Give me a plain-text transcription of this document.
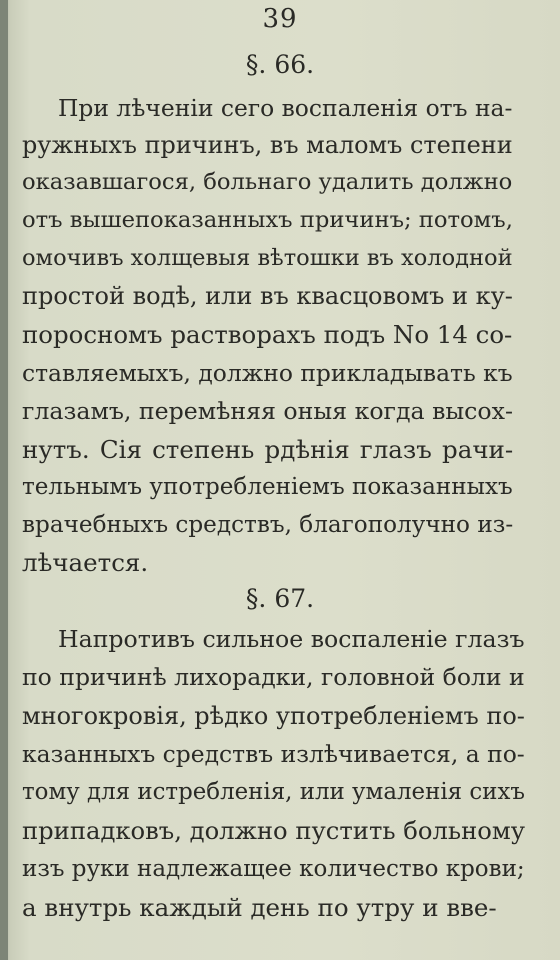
39
§. 66.
При лѣченіи сего воспаленія отъ на-
ружныхъ причинъ, въ маломъ степени
оказавшагося, больнаго удалить должно
отъ вышепоказанныхъ причинъ; потомъ,
омочивъ холщевыя вѣтошки въ холодной
простой водѣ, или въ квасцовомъ и ку-
поросномъ растворахъ подъ No 14 со-
ставляемыхъ, должно прикладывать къ
глазамъ, перемѣняя оныя когда высох-
нутъ. Сія степень рдѣнія глазъ рачи-
тельнымъ употребленіемъ показанныхъ
врачебныхъ средствъ, благополучно из-
лѣчается.
§. 67.
Напротивъ сильное воспаленіе глазъ
по причинѣ лихорадки, головной боли и
многокровія, рѣдко употребленіемъ по-
казанныхъ средствъ излѣчивается, а по-
тому для истребленія, или умаленія сихъ
припадковъ, должно пустить больному
изъ руки надлежащее количество крови;
а внутрь каждый день по утру и вве-
